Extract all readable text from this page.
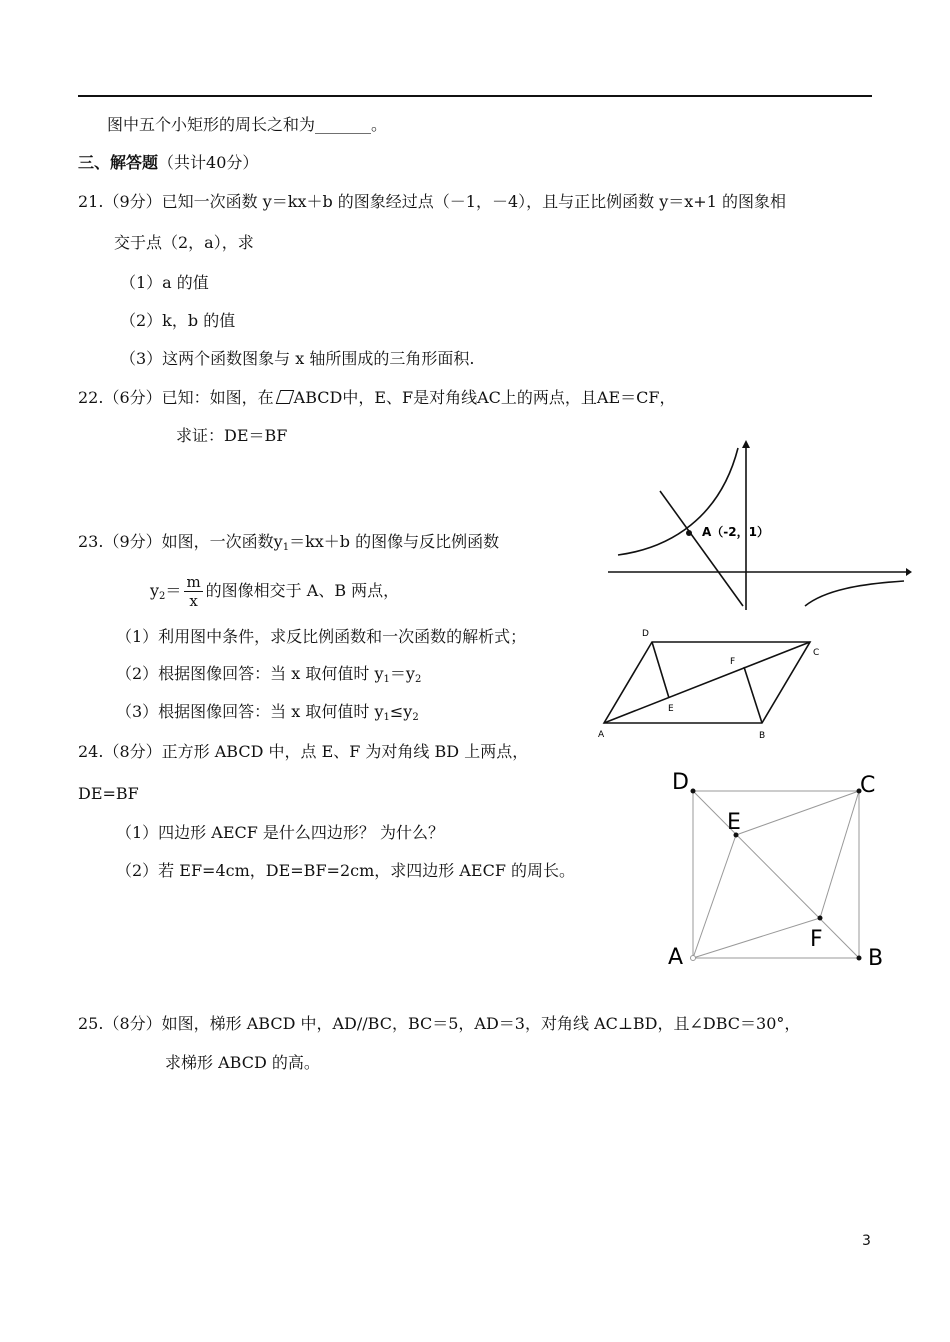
图中五个小矩形的周长之和为_______。
三、解答题（共计40分）
21.（9分）已知一次函数 y＝kx＋b 的图象经过点（－1，－4），且与正比例函数 y＝x+1 的图象相
交于点（2，a），求
（1）a 的值
（2）k，b 的值
（3）这两个函数图象与 x 轴所围成的三角形面积.
22.（6分）已知：如图，在 ABCD中，E、F是对角线AC上的两点，且AE＝CF，
求证：DE＝BF
23.（9分）如图，一次函数$y_1=kx+b$ 的图像与反比例函数
$y_2= \frac{m}{x}$ 的图像相交于 A、B 两点，
（1）利用图中条件，求反比例函数和一次函数的解析式；
（2）根据图像回答：当 x 取何值时 $y_1=y_2$
（3）根据图像回答：当 x 取何值时 $y_1\le y_2$
24.（8分）正方形 ABCD 中，点 E、F 为对角线 BD 上两点，
DE=BF
（1）四边形 AECF 是什么四边形？ 为什么？
（2）若 EF=4cm，DE=BF=2cm，求四边形 AECF 的周长。
25.（8分）如图，梯形 ABCD 中，AD//BC，BC＝5，AD＝3，对角线 AC⊥BD，且∠DBC＝30°，
求梯形 ABCD 的高。
A（-2，1）
A	B
C
D
E
F
A	B
C
D
E
F
3
